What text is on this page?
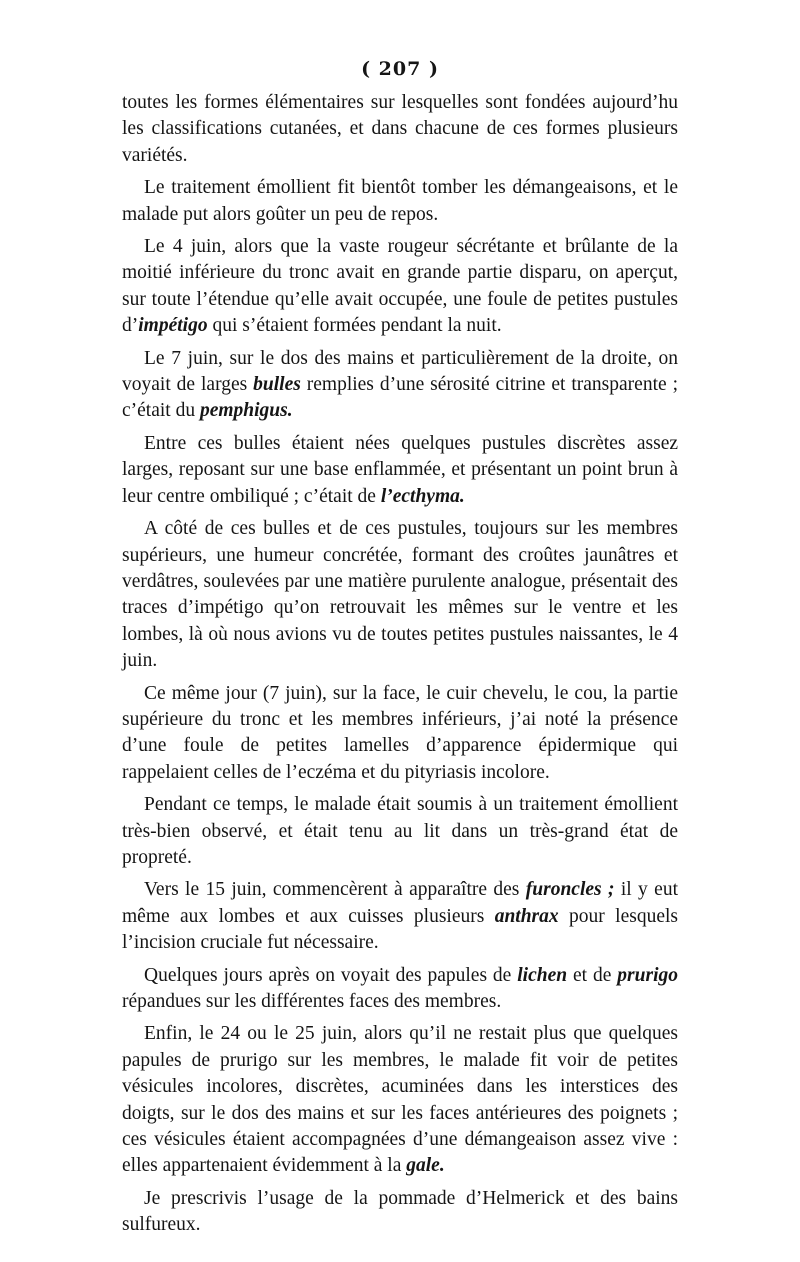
( 207 )

toutes les formes élémentaires sur lesquelles sont fondées aujourd’hu les classifications cutanées, et dans chacune de ces formes plusieurs variétés.

Le traitement émollient fit bientôt tomber les démangeaisons, et le malade put alors goûter un peu de repos.

Le 4 juin, alors que la vaste rougeur sécrétante et brûlante de la moitié inférieure du tronc avait en grande partie disparu, on aperçut, sur toute l’étendue qu’elle avait occupée, une foule de petites pustules d’impétigo qui s’étaient formées pendant la nuit.

Le 7 juin, sur le dos des mains et particulièrement de la droite, on voyait de larges bulles remplies d’une sérosité citrine et transparente ; c’était du pemphigus.

Entre ces bulles étaient nées quelques pustules discrètes assez larges, reposant sur une base enflammée, et présentant un point brun à leur centre ombiliqué ; c’était de l’ecthyma.

A côté de ces bulles et de ces pustules, toujours sur les membres supérieurs, une humeur concrétée, formant des croûtes jaunâtres et verdâtres, soulevées par une matière purulente analogue, présentait des traces d’impétigo qu’on retrouvait les mêmes sur le ventre et les lombes, là où nous avions vu de toutes petites pustules naissantes, le 4 juin.

Ce même jour (7 juin), sur la face, le cuir chevelu, le cou, la partie supérieure du tronc et les membres inférieurs, j’ai noté la présence d’une foule de petites lamelles d’apparence épidermique qui rappelaient celles de l’eczéma et du pityriasis incolore.

Pendant ce temps, le malade était soumis à un traitement émollient très-bien observé, et était tenu au lit dans un très-grand état de propreté.

Vers le 15 juin, commencèrent à apparaître des furoncles ; il y eut même aux lombes et aux cuisses plusieurs anthrax pour lesquels l’incision cruciale fut nécessaire.

Quelques jours après on voyait des papules de lichen et de prurigo répandues sur les différentes faces des membres.

Enfin, le 24 ou le 25 juin, alors qu’il ne restait plus que quelques papules de prurigo sur les membres, le malade fit voir de petites vésicules incolores, discrètes, acuminées dans les interstices des doigts, sur le dos des mains et sur les faces antérieures des poignets ; ces vésicules étaient accompagnées d’une démangeaison assez vive : elles appartenaient évidemment à la gale.

Je prescrivis l’usage de la pommade d’Helmerick et des bains sulfureux.
